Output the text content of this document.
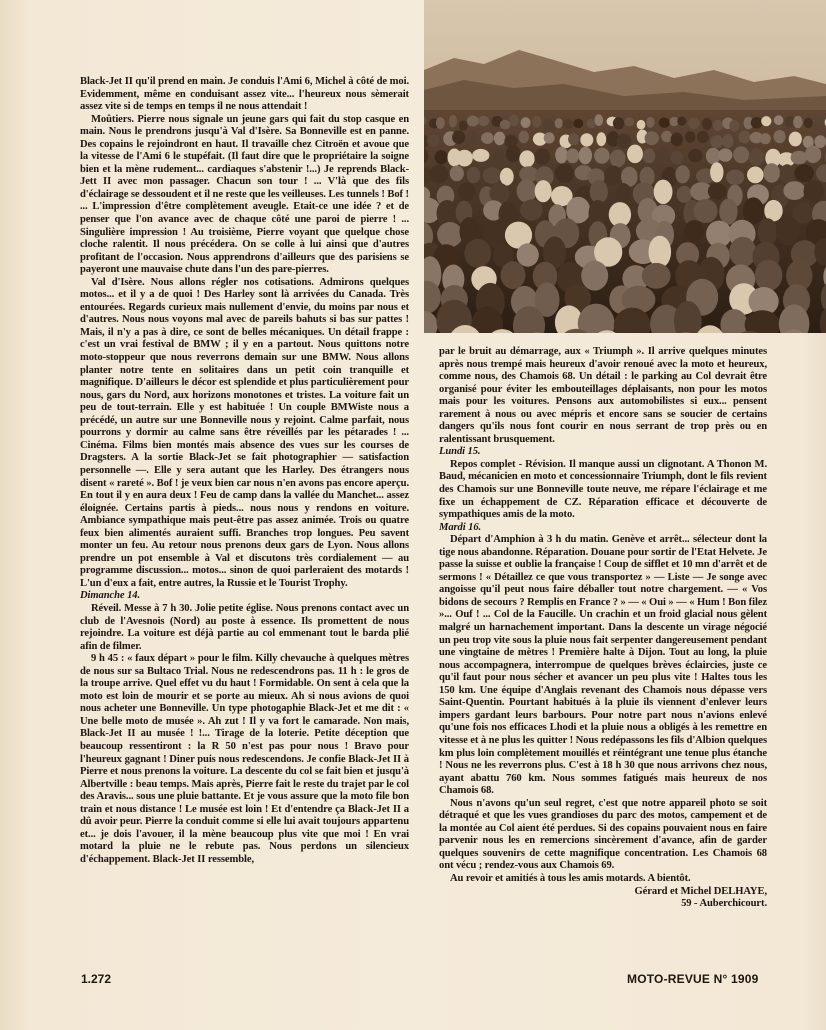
Black-Jet II qu'il prend en main. Je conduis l'Ami 6, Michel à côté de moi. Evidemment, même en conduisant assez vite... l'heureux nous sèmerait assez vite si de temps en temps il ne nous attendait !

Moûtiers. Pierre nous signale un jeune gars qui fait du stop casque en main. Nous le prendrons jusqu'à Val d'Isère. Sa Bonneville est en panne. Des copains le rejoindront en haut. Il travaille chez Citroën et avoue que la vitesse de l'Ami 6 le stupéfait. (Il faut dire que le propriétaire la soigne bien et la mène rudement... cardiaques s'abstenir !...) Je reprends Black-Jett II avec mon passager. Chacun son tour ! ... V'là que des fils d'éclairage se dessoudent et il ne reste que les veilleuses. Les tunnels ! Bof ! ... L'impression d'être complètement aveugle. Etait-ce une idée ? et de penser que l'on avance avec de chaque côté une paroi de pierre ! ... Singulière impression ! Au troisième, Pierre voyant que quelque chose cloche ralentit. Il nous précédera. On se colle à lui ainsi que d'autres profitant de l'occasion. Nous apprendrons d'ailleurs que des parisiens se payeront une mauvaise chute dans l'un des pare-pierres.

Val d'Isère. Nous allons régler nos cotisations. Admirons quelques motos... et il y a de quoi ! Des Harley sont là arrivées du Canada. Très entourées. Regards curieux mais nullement d'envie, du moins par nous et d'autres. Nous nous voyons mal avec de pareils bahuts si bas sur pattes ! Mais, il n'y a pas à dire, ce sont de belles mécaniques. Un détail frappe : c'est un vrai festival de BMW ; il y en a partout. Nous quittons notre moto-stoppeur que nous reverrons demain sur une BMW. Nous allons planter notre tente en solitaires dans un petit coin tranquille et magnifique. D'ailleurs le décor est splendide et plus particulièrement pour nous, gars du Nord, aux horizons monotones et tristes. La voiture fait un peu de tout-terrain. Elle y est habituée ! Un couple BMWiste nous a précédé, un autre sur une Bonneville nous y rejoint. Calme parfait, nous pourrons y dormir au calme sans être réveillés par les pétarades ! ... Cinéma. Films bien montés mais absence des vues sur les courses de Dragsters. A la sortie Black-Jet se fait photographier — satisfaction personnelle —. Elle y sera autant que les Harley. Des étrangers nous disent « rareté ». Bof ! je veux bien car nous n'en avons pas encore aperçu. En tout il y en aura deux ! Feu de camp dans la vallée du Manchet... assez éloignée. Certains partis à pieds... nous nous y rendons en voiture. Ambiance sympathique mais peut-être pas assez animée. Trois ou quatre feux bien alimentés auraient suffi. Branches trop longues. Peu savent monter un feu. Au retour nous prenons deux gars de Lyon. Nous allons prendre un pot ensemble à Val et discutons très cordialement — au programme discussion... motos... sinon de quoi parleraient des motards ! L'un d'eux a fait, entre autres, la Russie et le Tourist Trophy.

Dimanche 14.

Réveil. Messe à 7 h 30. Jolie petite église. Nous prenons contact avec un club de l'Avesnois (Nord) au poste à essence. Ils promettent de nous rejoindre. La voiture est déjà partie au col emmenant tout le barda plié afin de filmer.

9 h 45 : « faux départ » pour le film. Killy chevauche à quelques mètres de nous sur sa Bultaco Trial. Nous ne redescendrons pas. 11 h : le gros de la troupe arrive. Quel effet vu du haut ! Formidable. On sent à cela que la moto est loin de mourir et se porte au mieux. Ah si nous avions de quoi nous acheter une Bonneville. Un type photogaphie Black-Jet et me dit : « Une belle moto de musée ». Ah zut ! Il y va fort le camarade. Non mais, Black-Jet II au musée ! !... Tirage de la loterie. Petite déception que beaucoup ressentiront : la R 50 n'est pas pour nous ! Bravo pour l'heureux gagnant ! Diner puis nous redescendons. Je confie Black-Jet II à Pierre et nous prenons la voiture. La descente du col se fait bien et jusqu'à Albertville : beau temps. Mais après, Pierre fait le reste du trajet par le col des Aravis... sous une pluie battante. Et je vous assure que la moto file bon train et nous distance ! Le musée est loin ! Et d'entendre ça Black-Jet II a dû avoir peur. Pierre la conduit comme si elle lui avait toujours appartenu et... je dois l'avouer, il la mène beaucoup plus vite que moi ! En vrai motard la pluie ne le rebute pas. Nous perdons un silencieux d'échappement. Black-Jet II ressemble,

par le bruit au démarrage, aux « Triumph ». Il arrive quelques minutes après nous trempé mais heureux d'avoir renoué avec la moto et heureux, comme nous, des Chamois 68. Un détail : le parking au Col devrait être organisé pour éviter les embouteillages déplaisants, non pour les motos mais pour les voitures. Pensons aux automobilistes si eux... pensent rarement à nous ou avec mépris et encore sans se soucier de certains dangers qu'ils nous font courir en nous serrant de trop près ou en ralentissant brusquement.

Lundi 15.

Repos complet - Révision. Il manque aussi un clignotant. A Thonon M. Baud, mécanicien en moto et concessionnaire Triumph, dont le fils revient des Chamois sur une Bonneville toute neuve, me répare l'éclairage et me fixe un échappement de CZ. Réparation efficace et découverte de sympathiques amis de la moto.

Mardi 16.

Départ d'Amphion à 3 h du matin. Genève et arrêt... sélecteur dont la tige nous abandonne. Réparation. Douane pour sortir de l'Etat Helvete. Je passe la suisse et oublie la française ! Coup de sifflet et 10 mn d'arrêt et de sermons ! « Détaillez ce que vous transportez » — Liste — Je songe avec angoisse qu'il peut nous faire déballer tout notre chargement. — « Vos bidons de secours ? Remplis en France ? » — « Oui » — « Hum ! Bon filez »... Ouf ! ... Col de la Faucille. Un crachin et un froid glacial nous gèlent malgré un harnachement important. Dans la descente un virage négocié un peu trop vite sous la pluie nous fait serpenter dangereusement pendant une vingtaine de mètres ! Première halte à Dijon. Tout au long, la pluie nous accompagnera, interrompue de quelques brèves éclaircies, juste ce qu'il faut pour nous sécher et avancer un peu plus vite ! Haltes tous les 150 km. Une équipe d'Anglais revenant des Chamois nous dépasse vers Saint-Quentin. Pourtant habitués à la pluie ils viennent d'enlever leurs impers gardant leurs barbours. Pour notre part nous n'avions enlevé qu'une fois nos efficaces Lhodi et la pluie nous a obligés à les remettre en vitesse et à ne plus les quitter ! Nous redépassons les fils d'Albion quelques km plus loin complètement mouillés et réintégrant une tenue plus étanche ! Nous ne les reverrons plus. C'est à 18 h 30 que nous arrivons chez nous, ayant abattu 760 km. Nous sommes fatigués mais heureux de nos Chamois 68.

Nous n'avons qu'un seul regret, c'est que notre appareil photo se soit détraqué et que les vues grandioses du parc des motos, campement et de la montée au Col aient été perdues. Si des copains pouvaient nous en faire parvenir nous les en remercions sincèrement d'avance, afin de garder quelques souvenirs de cette magnifique concentration. Les Chamois 68 ont vécu ; rendez-vous aux Chamois 69.

Au revoir et amitiés à tous les amis motards. A bientôt.

Gérard et Michel DELHAYE,

59 - Auberchicourt.

1.272	MOTO-REVUE N° 1909
